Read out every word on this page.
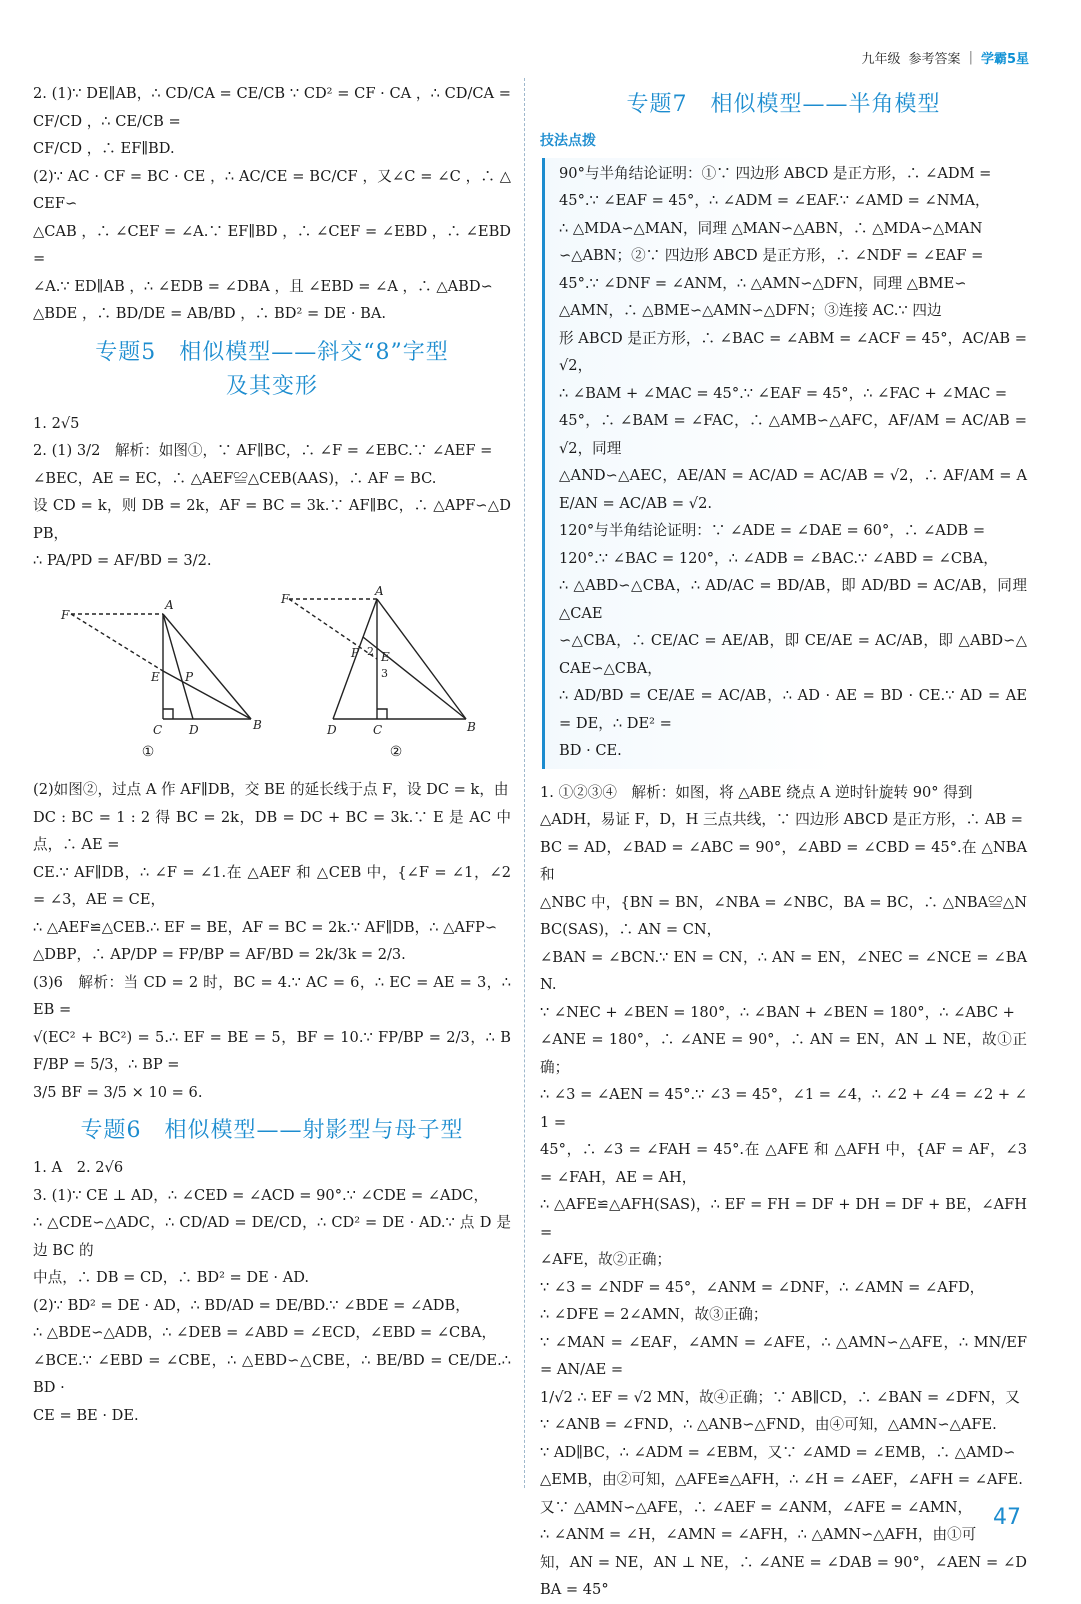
九年级 参考答案 | 学霸5星

2. (1)∵ DE∥AB，∴ CD/CA = CE/CB ∵ CD² = CF · CA ，∴ CD/CA = CF/CD ，∴ CE/CB =

CF/CD ，∴ EF∥BD.

(2)∵ AC · CF = BC · CE ，∴ AC/CE = BC/CF ，又∠C = ∠C ，∴ △CEF∽

△CAB ，∴ ∠CEF = ∠A.∵ EF∥BD ，∴ ∠CEF = ∠EBD ，∴ ∠EBD =

∠A.∵ ED∥AB ，∴ ∠EDB = ∠DBA ，且 ∠EBD = ∠A ，∴ △ABD∽

△BDE ，∴ BD/DE = AB/BD ，∴ BD² = DE · BA.

专题5　相似模型——斜交“8”字型
及其变形

1. 2√5

2. (1) 3/2　解析：如图①，∵ AF∥BC，∴ ∠F = ∠EBC.∵ ∠AEF =

∠BEC，AE = EC，∴ △AEF≌△CEB(AAS)，∴ AF = BC.

设 CD = k，则 DB = 2k，AF = BC = 3k.∵ AF∥BC，∴ △APF∽△DPB，

∴ PA/PD = AF/BD = 3/2.

F
A
E P
C D	B
①
F
A
P E
2
3
D	C	B
②

(2)如图②，过点 A 作 AF∥DB，交 BE 的延长线于点 F，设 DC = k，由

DC : BC = 1 : 2 得 BC = 2k，DB = DC + BC = 3k.∵ E 是 AC 中点，∴ AE =

CE.∵ AF∥DB，∴ ∠F = ∠1.在 △AEF 和 △CEB 中，{∠F = ∠1，∠2 = ∠3，AE = CE，

∴ △AEF≌△CEB.∴ EF = BE，AF = BC = 2k.∵ AF∥DB，∴ △AFP∽

△DBP，∴ AP/DP = FP/BP = AF/BD = 2k/3k = 2/3.

(3)6　解析：当 CD = 2 时，BC = 4.∵ AC = 6，∴ EC = AE = 3，∴ EB =

√(EC² + BC²) = 5.∴ EF = BE = 5，BF = 10.∵ FP/BP = 2/3，∴ BF/BP = 5/3，∴ BP =

3/5 BF = 3/5 × 10 = 6.

专题6　相似模型——射影型与母子型

1. A　2. 2√6

3. (1)∵ CE ⊥ AD，∴ ∠CED = ∠ACD = 90°.∵ ∠CDE = ∠ADC，

∴ △CDE∽△ADC，∴ CD/AD = DE/CD，∴ CD² = DE · AD.∵ 点 D 是边 BC 的

中点，∴ DB = CD，∴ BD² = DE · AD.

(2)∵ BD² = DE · AD，∴ BD/AD = DE/BD.∵ ∠BDE = ∠ADB，

∴ △BDE∽△ADB，∴ ∠DEB = ∠ABD = ∠ECD，∠EBD = ∠CBA，

∠BCE.∵ ∠EBD = ∠CBE，∴ △EBD∽△CBE，∴ BE/BD = CE/DE.∴ BD ·

CE = BE · DE.

专题7　相似模型——半角模型
技法点拨

90°与半角结论证明：①∵ 四边形 ABCD 是正方形，∴ ∠ADM =

45°.∵ ∠EAF = 45°，∴ ∠ADM = ∠EAF.∵ ∠AMD = ∠NMA，

∴ △MDA∽△MAN，同理 △MAN∽△ABN，∴ △MDA∽△MAN

∽△ABN；②∵ 四边形 ABCD 是正方形，∴ ∠NDF = ∠EAF =

45°.∵ ∠DNF = ∠ANM，∴ △AMN∽△DFN，同理 △BME∽

△AMN，∴ △BME∽△AMN∽△DFN；③连接 AC.∵ 四边

形 ABCD 是正方形，∴ ∠BAC = ∠ABM = ∠ACF = 45°，AC/AB = √2，

∴ ∠BAM + ∠MAC = 45°.∵ ∠EAF = 45°，∴ ∠FAC + ∠MAC =

45°，∴ ∠BAM = ∠FAC，∴ △AMB∽△AFC，AF/AM = AC/AB = √2，同理

△AND∽△AEC，AE/AN = AC/AD = AC/AB = √2，∴ AF/AM = AE/AN = AC/AB = √2.

120°与半角结论证明：∵ ∠ADE = ∠DAE = 60°，∴ ∠ADB =

120°.∵ ∠BAC = 120°，∴ ∠ADB = ∠BAC.∵ ∠ABD = ∠CBA，

∴ △ABD∽△CBA，∴ AD/AC = BD/AB，即 AD/BD = AC/AB，同理 △CAE

∽△CBA，∴ CE/AC = AE/AB，即 CE/AE = AC/AB，即 △ABD∽△CAE∽△CBA，

∴ AD/BD = CE/AE = AC/AB，∴ AD · AE = BD · CE.∵ AD = AE = DE，∴ DE² =

BD · CE.

1. ①②③④　解析：如图，将 △ABE 绕点 A 逆时针旋转 90° 得到

△ADH，易证 F，D，H 三点共线，∵ 四边形 ABCD 是正方形，∴ AB =

BC = AD，∠BAD = ∠ABC = 90°，∠ABD = ∠CBD = 45°.在 △NBA 和

△NBC 中，{BN = BN，∠NBA = ∠NBC，BA = BC，∴ △NBA≌△NBC(SAS)，∴ AN = CN，

∠BAN = ∠BCN.∵ EN = CN，∴ AN = EN，∠NEC = ∠NCE = ∠BAN.

∵ ∠NEC + ∠BEN = 180°，∴ ∠BAN + ∠BEN = 180°，∴ ∠ABC +

∠ANE = 180°，∴ ∠ANE = 90°，∴ AN = EN，AN ⊥ NE，故①正确；

∴ ∠3 = ∠AEN = 45°.∵ ∠3 = 45°，∠1 = ∠4，∴ ∠2 + ∠4 = ∠2 + ∠1 =

45°，∴ ∠3 = ∠FAH = 45°.在 △AFE 和 △AFH 中，{AF = AF，∠3 = ∠FAH，AE = AH，

∴ △AFE≌△AFH(SAS)，∴ EF = FH = DF + DH = DF + BE，∠AFH =

∠AFE，故②正确；

∵ ∠3 = ∠NDF = 45°，∠ANM = ∠DNF，∴ ∠AMN = ∠AFD，

∴ ∠DFE = 2∠AMN，故③正确；

∵ ∠MAN = ∠EAF，∠AMN = ∠AFE，∴ △AMN∽△AFE，∴ MN/EF = AN/AE =

1/√2 ∴ EF = √2 MN，故④正确；∵ AB∥CD，∴ ∠BAN = ∠DFN，又

∵ ∠ANB = ∠FND，∴ △ANB∽△FND，由④可知，△AMN∽△AFE.

∵ AD∥BC，∴ ∠ADM = ∠EBM，又∵ ∠AMD = ∠EMB，∴ △AMD∽

△EMB，由②可知，△AFE≌△AFH，∴ ∠H = ∠AEF，∠AFH = ∠AFE.

又∵ △AMN∽△AFE，∴ ∠AEF = ∠ANM，∠AFE = ∠AMN，

∴ ∠ANM = ∠H，∠AMN = ∠AFH，∴ △AMN∽△AFH，由①可

知，AN = NE，AN ⊥ NE，∴ ∠ANE = ∠DAB = 90°，∠AEN = ∠DBA = 45°

47
